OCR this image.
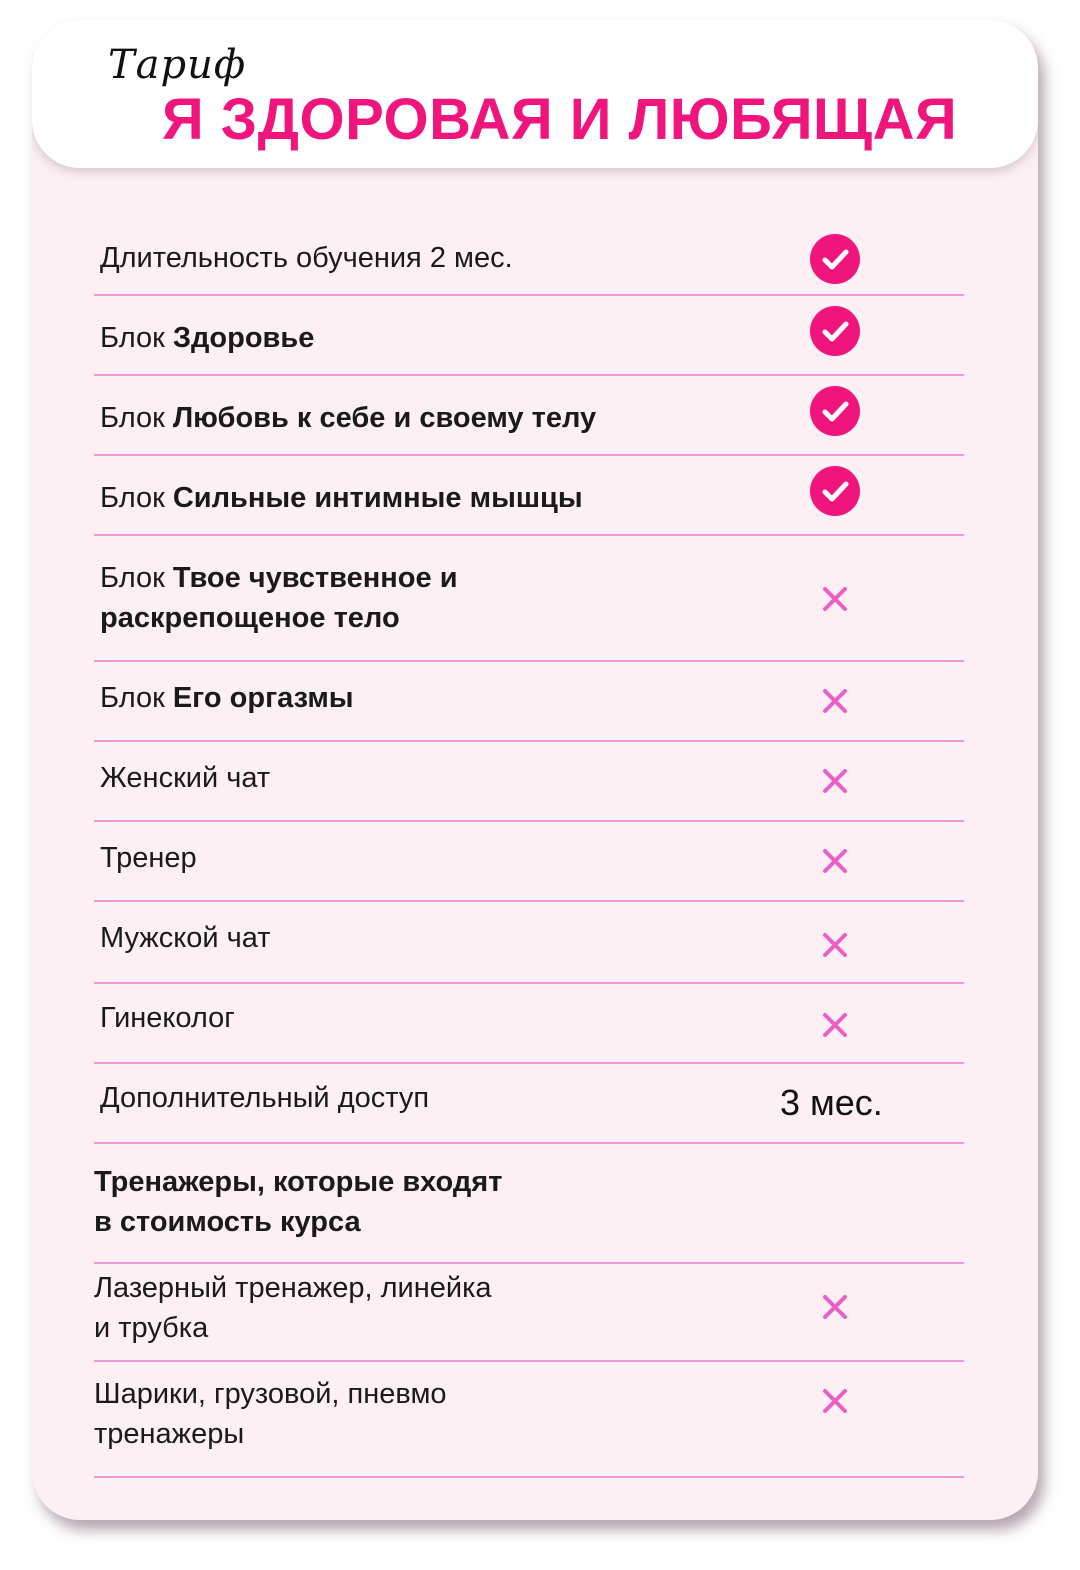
Тариф
Я ЗДОРОВАЯ И ЛЮБЯЩАЯ
Длительность обучения 2 мес.
Блок Здоровье
Блок Любовь к себе и своему телу
Блок Сильные интимные мышцы
Блок Твое чувственное и
раскрепощеное тело
Блок Его оргазмы
Женский чат
Тренер
Мужской чат
Гинеколог
Дополнительный доступ	3 мес.
Тренажеры, которые входят
в стоимость курса
Лазерный тренажер, линейка
и трубка
Шарики, грузовой, пневмо
тренажеры
